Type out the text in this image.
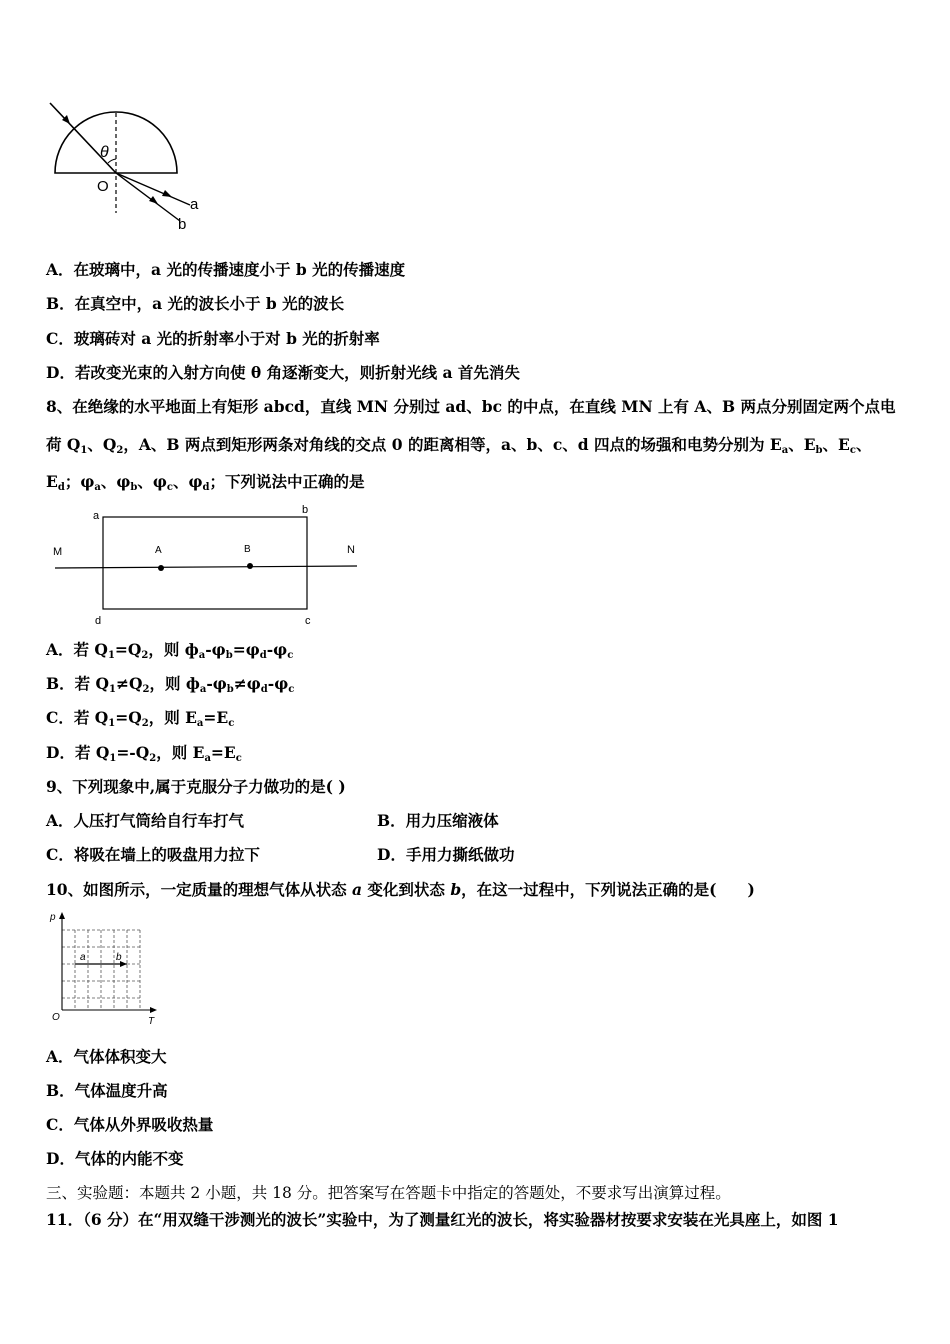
θ
O
a
b
A．在玻璃中，a 光的传播速度小于 b 光的传播速度
B．在真空中，a 光的波长小于 b 光的波长
C．玻璃砖对 a 光的折射率小于对 b 光的折射率
D．若改变光束的入射方向使 θ 角逐渐变大，则折射光线 a 首先消失
8、在绝缘的水平地面上有矩形 abcd，直线 MN 分别过 ad、bc 的中点，在直线 MN 上有 A、B 两点分别固定两个点电
荷 $Q_1$、$Q_2$，A、B 两点到矩形两条对角线的交点 0 的距离相等，a、b、c、d 四点的场强和电势分别为 $E_a$、$E_b$、$E_c$、
$E_d$；$\varphi_a$、$\varphi_b$、$\varphi_c$、$\varphi_d$；下列说法中正确的是
a	b
c
d
M	N
A	B
A．若 $Q_1=Q_2$，则 $ф_a-\varphi_b=\varphi_d-\varphi_c$
B．若 $Q_1\ne Q_2$，则 $ф_a-\varphi_b\ne\varphi_d-\varphi_c$
C．若 $Q_1=Q_2$，则 $E_a=E_c$
D．若 $Q_1=-Q_2$，则 $E_a=E_c$
9、下列现象中,属于克服分子力做功的是( )
A．人压打气筒给自行车打气	B．用力压缩液体
C．将吸在墙上的吸盘用力拉下	D．手用力撕纸做功
10、如图所示，一定质量的理想气体从状态 a 变化到状态 b，在这一过程中，下列说法正确的是(　　)
p
O	T
a	b
A．气体体积变大
B．气体温度升高
C．气体从外界吸收热量
D．气体的内能不变
三、实验题：本题共 2 小题，共 18 分。把答案写在答题卡中指定的答题处，不要求写出演算过程。
11．（6 分）在“用双缝干涉测光的波长”实验中，为了测量红光的波长，将实验器材按要求安装在光具座上，如图 1
